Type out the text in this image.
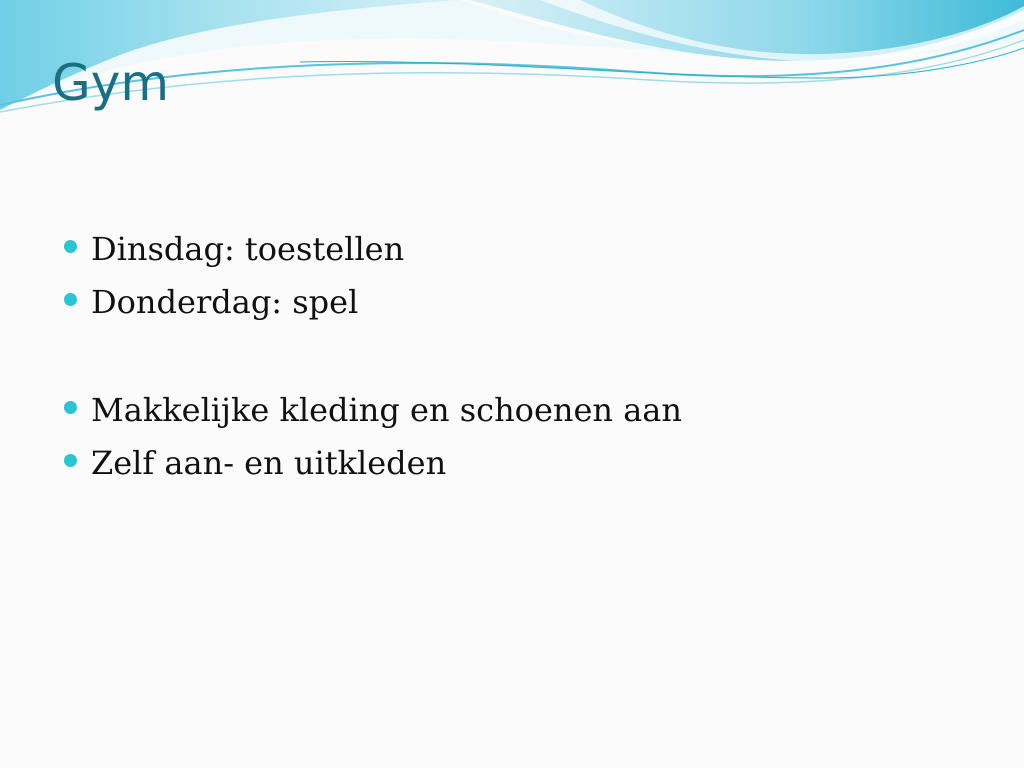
Gym
Dinsdag: toestellen
Donderdag: spel
Makkelijke kleding en schoenen aan
Zelf aan- en uitkleden
